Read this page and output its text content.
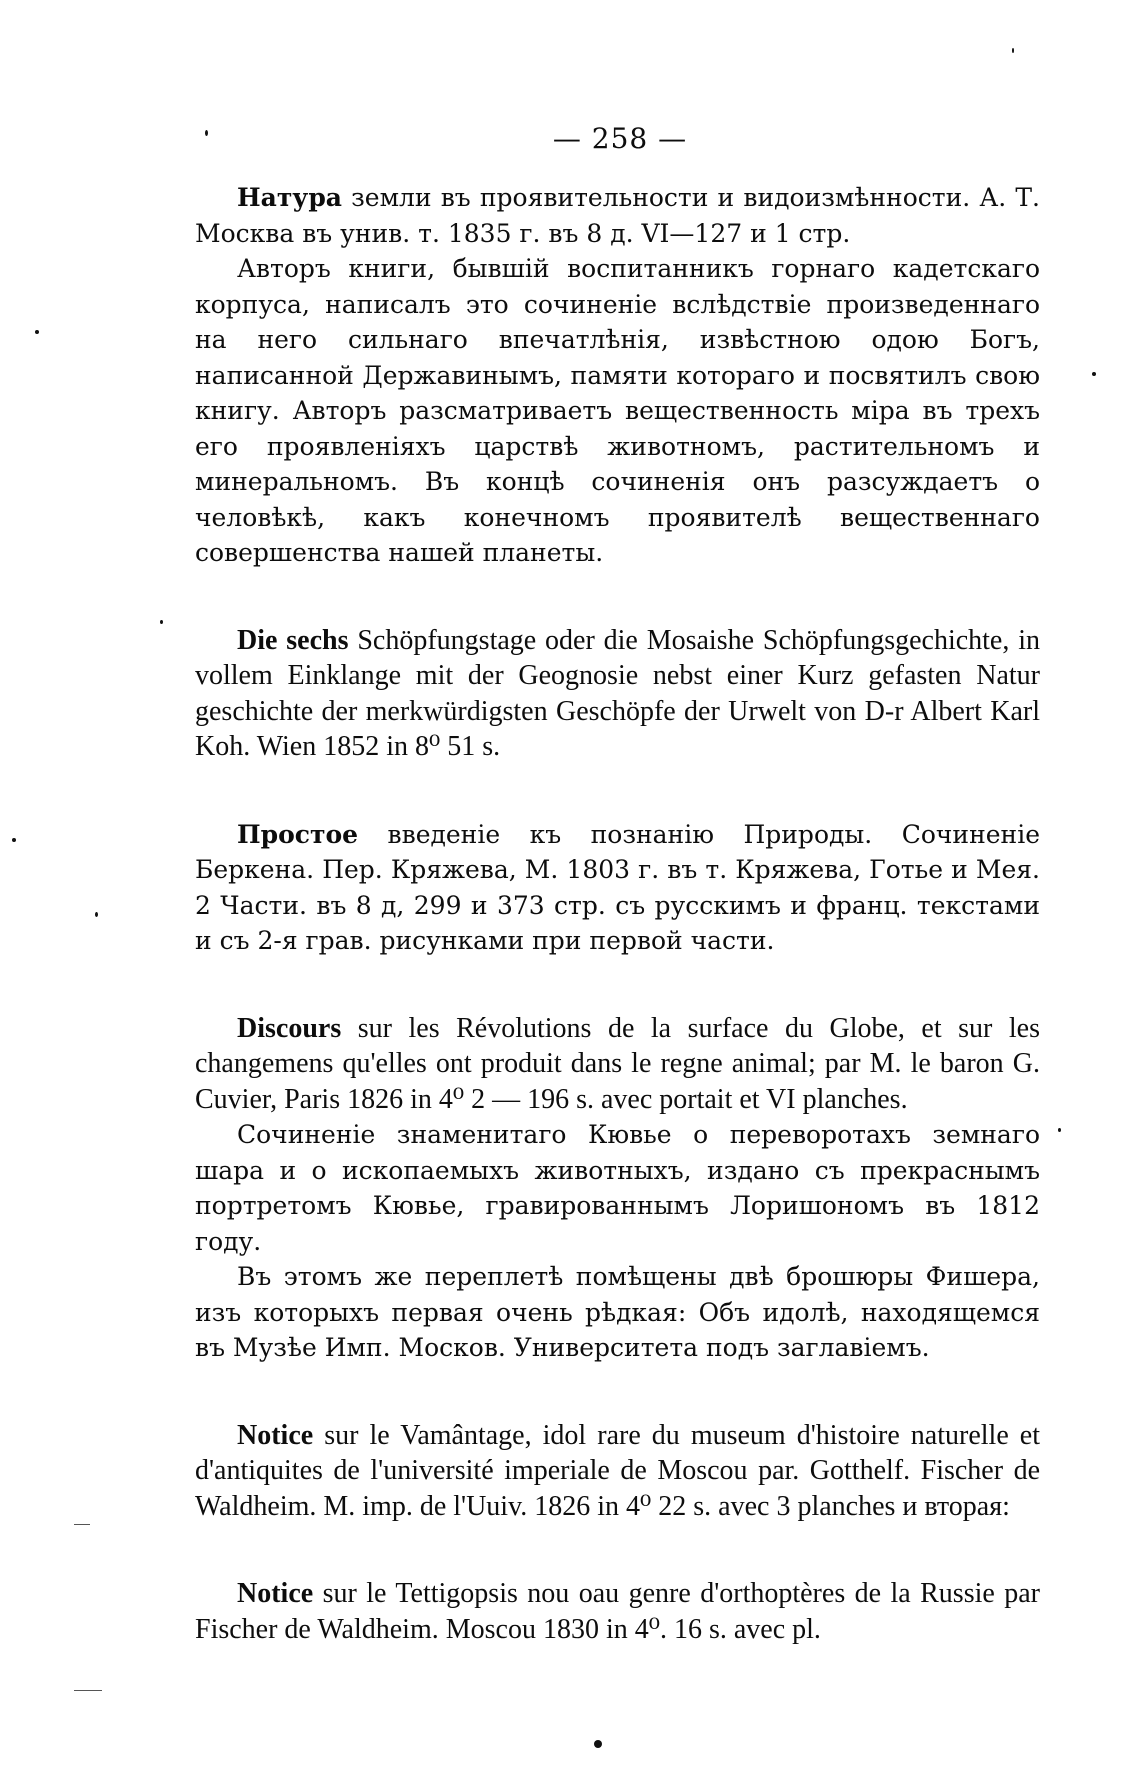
— 258 —

Натура земли въ проявительности и видоизмѣнности. А. Т. Москва въ унив. т. 1835 г. въ 8 д. VI—127 и 1 стр.

Авторъ книги, бывшій воспитанникъ горнаго кадетскаго корпуса, написалъ это сочиненіе вслѣдствіе произведеннаго на него сильнаго впечатлѣнія, извѣстною одою Богъ, написанной Державинымъ, памяти котораго и посвятилъ свою книгу. Авторъ разсматриваетъ вещественность міра въ трехъ его проявленіяхъ царствѣ животномъ, растительномъ и минеральномъ. Въ концѣ сочиненія онъ разсуждаетъ о человѣкѣ, какъ конечномъ проявителѣ вещественнаго совершенства нашей планеты.

Die sechs Schöpfungstage oder die Mosaishe Schöpfungsgechichte, in vollem Einklange mit der Geognosie nebst einer Kurz gefasten Natur geschichte der merkwürdigsten Geschöpfe der Urwelt von D-r Albert Karl Koh. Wien 1852 in 8⁰ 51 s.

Простое введеніе къ познанію Природы. Сочиненіе Беркена. Пер. Кряжева, М. 1803 г. въ т. Кряжева, Готье и Мея. 2 Части. въ 8 д, 299 и 373 стр. съ русскимъ и франц. текстами и съ 2-я грав. рисунками при первой части.

Discours sur les Révolutions de la surface du Globe, et sur les changemens qu'elles ont produit dans le regne animal; par M. le baron G. Cuvier, Paris 1826 in 4⁰ 2 — 196 s. avec portait et VI planches.

Сочиненіе знаменитаго Кювье о переворотахъ земнаго шара и о ископаемыхъ животныхъ, издано съ прекраснымъ портретомъ Кювье, гравированнымъ Лоришономъ въ 1812 году.

Въ этомъ же переплетѣ помѣщены двѣ брошюры Фишера, изъ которыхъ первая очень рѣдкая: Объ идолѣ, находящемся въ Музѣе Имп. Москов. Университета подъ заглавіемъ.

Notice sur le Vamântage, idol rare du museum d'histoire naturelle et d'antiquites de l'université imperiale de Moscou par. Gotthelf. Fischer de Waldheim. M. imp. de l'Uuiv. 1826 in 4⁰ 22 s. avec 3 planches и вторая:

Notice sur le Tettigopsis nou oau genre d'orthoptères de la Russie par Fischer de Waldheim. Moscou 1830 in 4⁰. 16 s. avec pl.
